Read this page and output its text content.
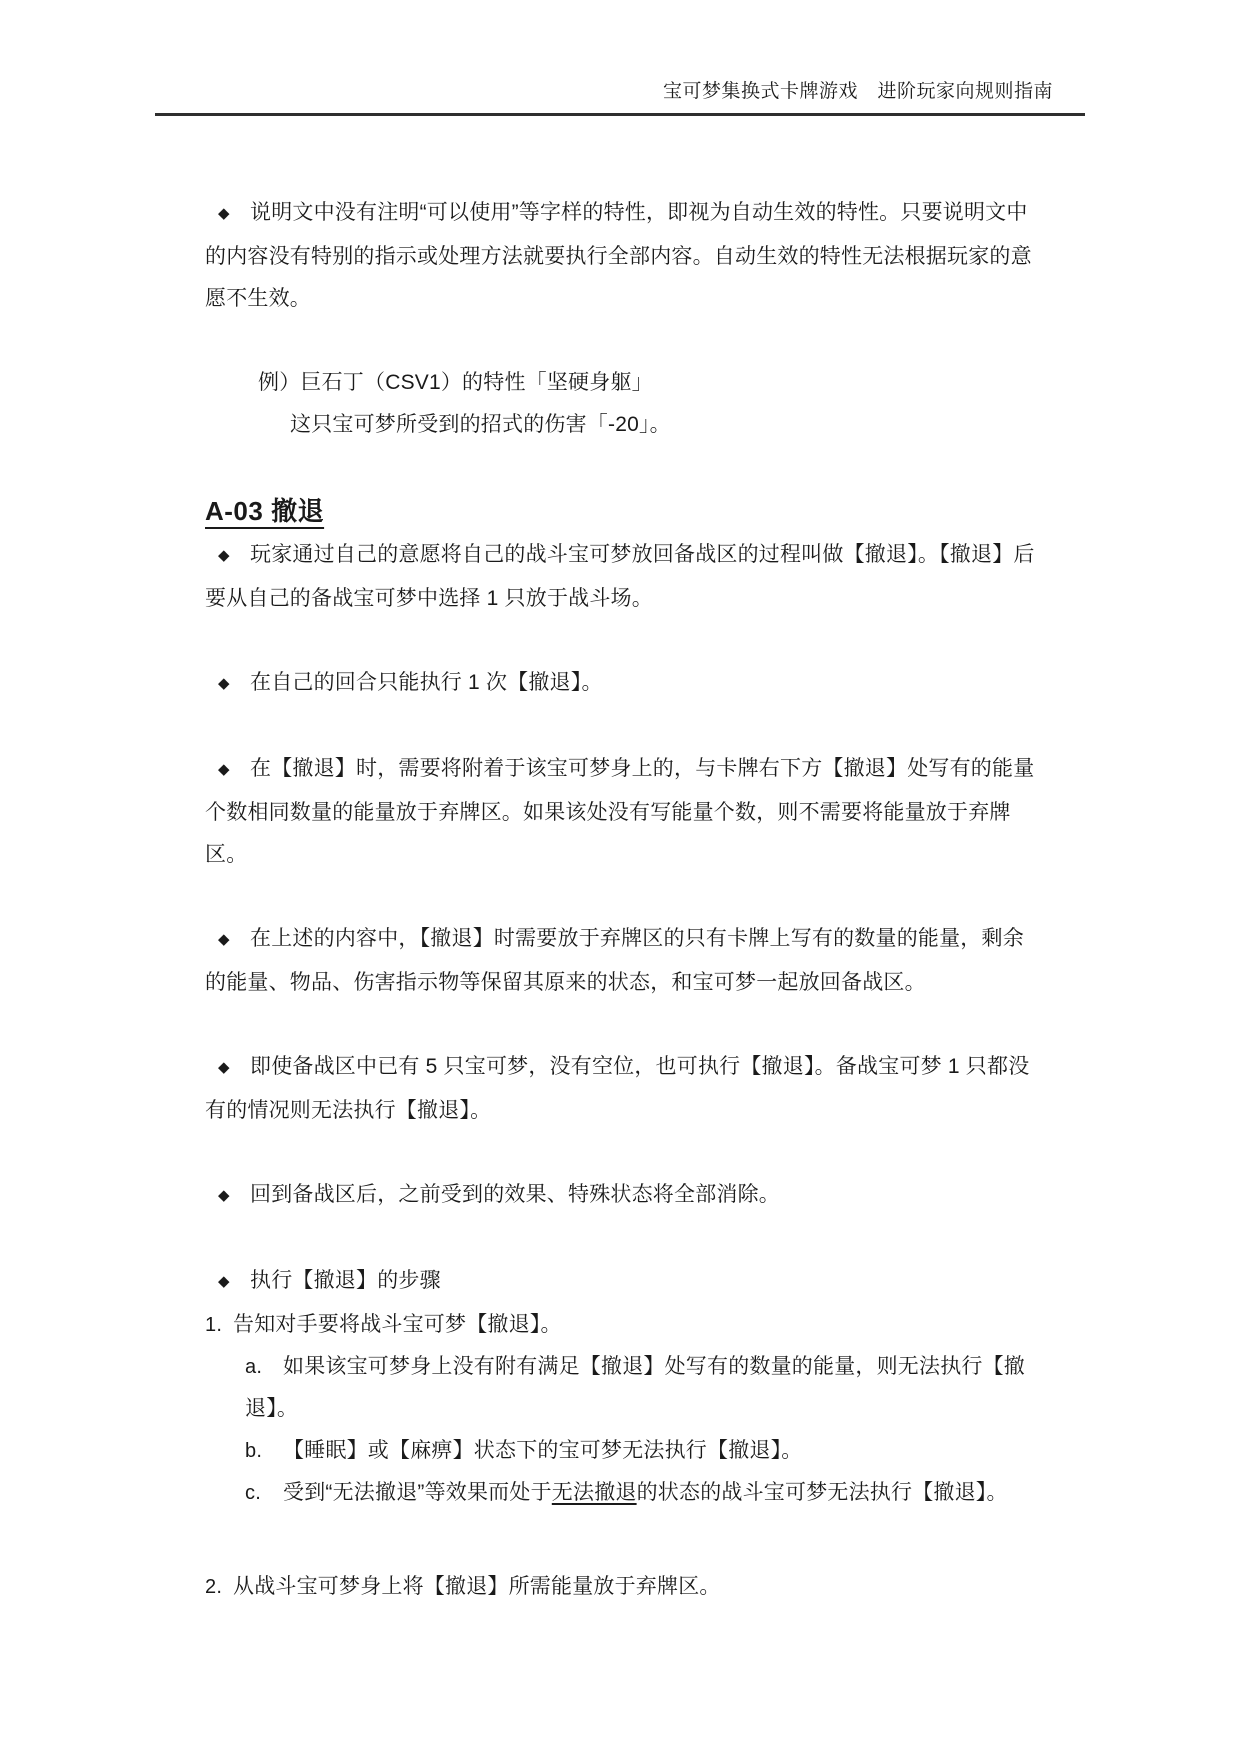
宝可梦集换式卡牌游戏　进阶玩家向规则指南

◆ 说明文中没有注明“可以使用”等字样的特性，即视为自动生效的特性。只要说明文中的内容没有特别的指示或处理方法就要执行全部内容。自动生效的特性无法根据玩家的意愿不生效。

例）巨石丁（CSV1）的特性「坚硬身躯」

这只宝可梦所受到的招式的伤害「-20」。

A-03 撤退

◆ 玩家通过自己的意愿将自己的战斗宝可梦放回备战区的过程叫做【撤退】。【撤退】后要从自己的备战宝可梦中选择 1 只放于战斗场。

◆ 在自己的回合只能执行 1 次【撤退】。

◆ 在【撤退】时，需要将附着于该宝可梦身上的，与卡牌右下方【撤退】处写有的能量个数相同数量的能量放于弃牌区。如果该处没有写能量个数，则不需要将能量放于弃牌区。

◆ 在上述的内容中，【撤退】时需要放于弃牌区的只有卡牌上写有的数量的能量，剩余的能量、物品、伤害指示物等保留其原来的状态，和宝可梦一起放回备战区。

◆ 即使备战区中已有 5 只宝可梦，没有空位，也可执行【撤退】。备战宝可梦 1 只都没有的情况则无法执行【撤退】。

◆ 回到备战区后，之前受到的效果、特殊状态将全部消除。

◆ 执行【撤退】的步骤

1. 告知对手要将战斗宝可梦【撤退】。

a. 如果该宝可梦身上没有附有满足【撤退】处写有的数量的能量，则无法执行【撤退】。

b. 【睡眠】或【麻痹】状态下的宝可梦无法执行【撤退】。

c. 受到“无法撤退”等效果而处于无法撤退的状态的战斗宝可梦无法执行【撤退】。

2. 从战斗宝可梦身上将【撤退】所需能量放于弃牌区。
